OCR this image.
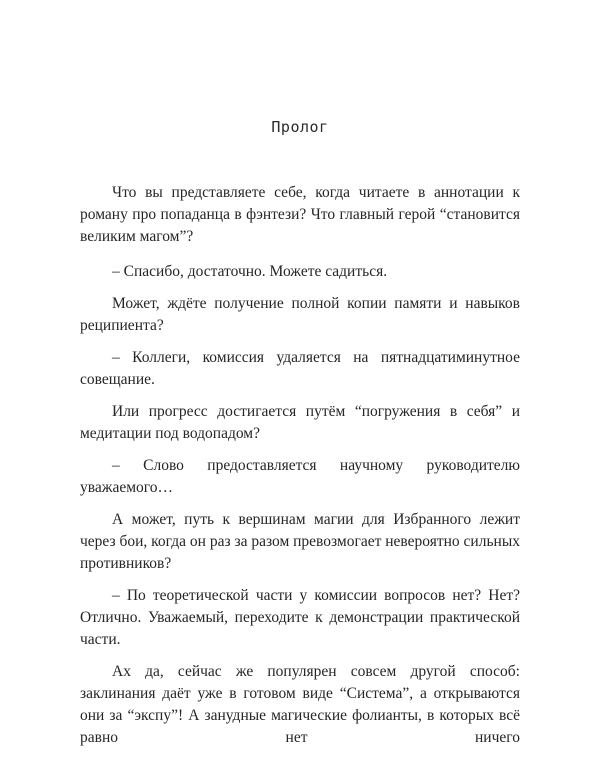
Пролог

Что вы представляете себе, когда читаете в аннотации к роману про попаданца в фэнтези? Что главный герой “становится великим магом”?

– Спасибо, достаточно. Можете садиться.

Может, ждёте получение полной копии памяти и навыков реципиента?

– Коллеги, комиссия удаляется на пятнадцатиминутное совещание.

Или прогресс достигается путём “погружения в себя” и медитации под водопадом?

– Слово предоставляется научному руководителю уважаемого…

А может, путь к вершинам магии для Избранного лежит через бои, когда он раз за разом превозмогает невероятно сильных противников?

– По теоретической части у комиссии вопросов нет? Нет? Отлично. Уважаемый, переходите к демонстрации практической части.

Ах да, сейчас же популярен совсем другой способ: заклинания даёт уже в готовом виде “Система”, а открываются они за “экспу”! А занудные магические фолианты, в которых всё равно нет ничего
